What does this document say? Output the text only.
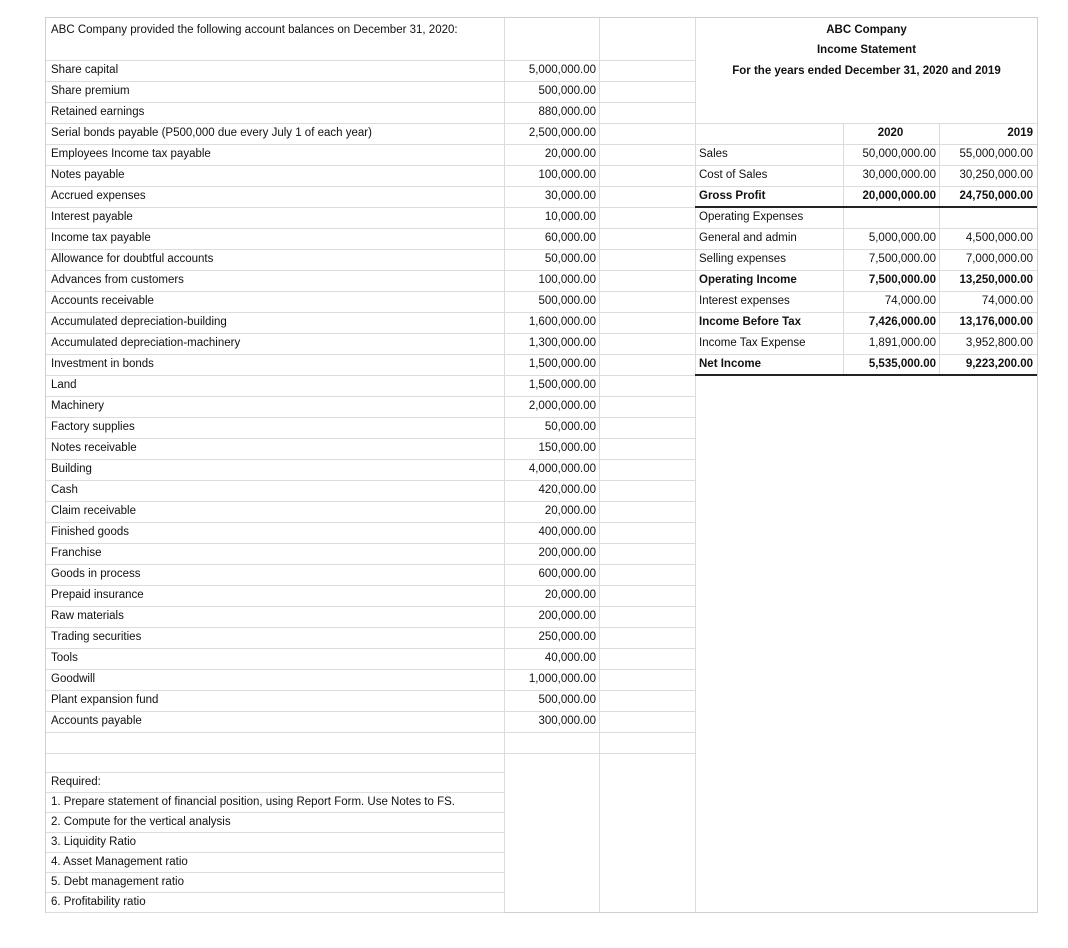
ABC Company provided the following account balances on December 31, 2020:	ABC Company
Income Statement
For the years ended December 31, 2020 and 2019
Share capital	5,000,000.00
Share premium	500,000.00
Retained earnings	880,000.00
Serial bonds payable (P500,000 due every July 1 of each year)	2,500,000.00
Employees Income tax payable	20,000.00
Notes payable	100,000.00
Accrued expenses	30,000.00
Interest payable	10,000.00
Income tax payable	60,000.00
Allowance for doubtful accounts	50,000.00
Advances from customers	100,000.00
Accounts receivable	500,000.00
Accumulated depreciation-building	1,600,000.00
Accumulated depreciation-machinery	1,300,000.00
Investment in bonds	1,500,000.00
Land	1,500,000.00
Machinery	2,000,000.00
Factory supplies	50,000.00
Notes receivable	150,000.00
Building	4,000,000.00
Cash	420,000.00
Claim receivable	20,000.00
Finished goods	400,000.00
Franchise	200,000.00
Goods in process	600,000.00
Prepaid insurance	20,000.00
Raw materials	200,000.00
Trading securities	250,000.00
Tools	40,000.00
Goodwill	1,000,000.00
Plant expansion fund	500,000.00
Accounts payable	300,000.00
2020	2019
Sales	50,000,000.00	55,000,000.00
Cost of Sales	30,000,000.00	30,250,000.00
Gross Profit	20,000,000.00	24,750,000.00
Operating Expenses
General and admin	5,000,000.00	4,500,000.00
Selling expenses	7,500,000.00	7,000,000.00
Operating Income	7,500,000.00	13,250,000.00
Interest expenses	74,000.00	74,000.00
Income Before Tax	7,426,000.00	13,176,000.00
Income Tax Expense	1,891,000.00	3,952,800.00
Net Income	5,535,000.00	9,223,200.00
Required:
1. Prepare statement of financial position, using Report Form. Use Notes to FS.
2. Compute for the vertical analysis
3. Liquidity Ratio
4. Asset Management ratio
5. Debt management ratio
6. Profitability ratio
